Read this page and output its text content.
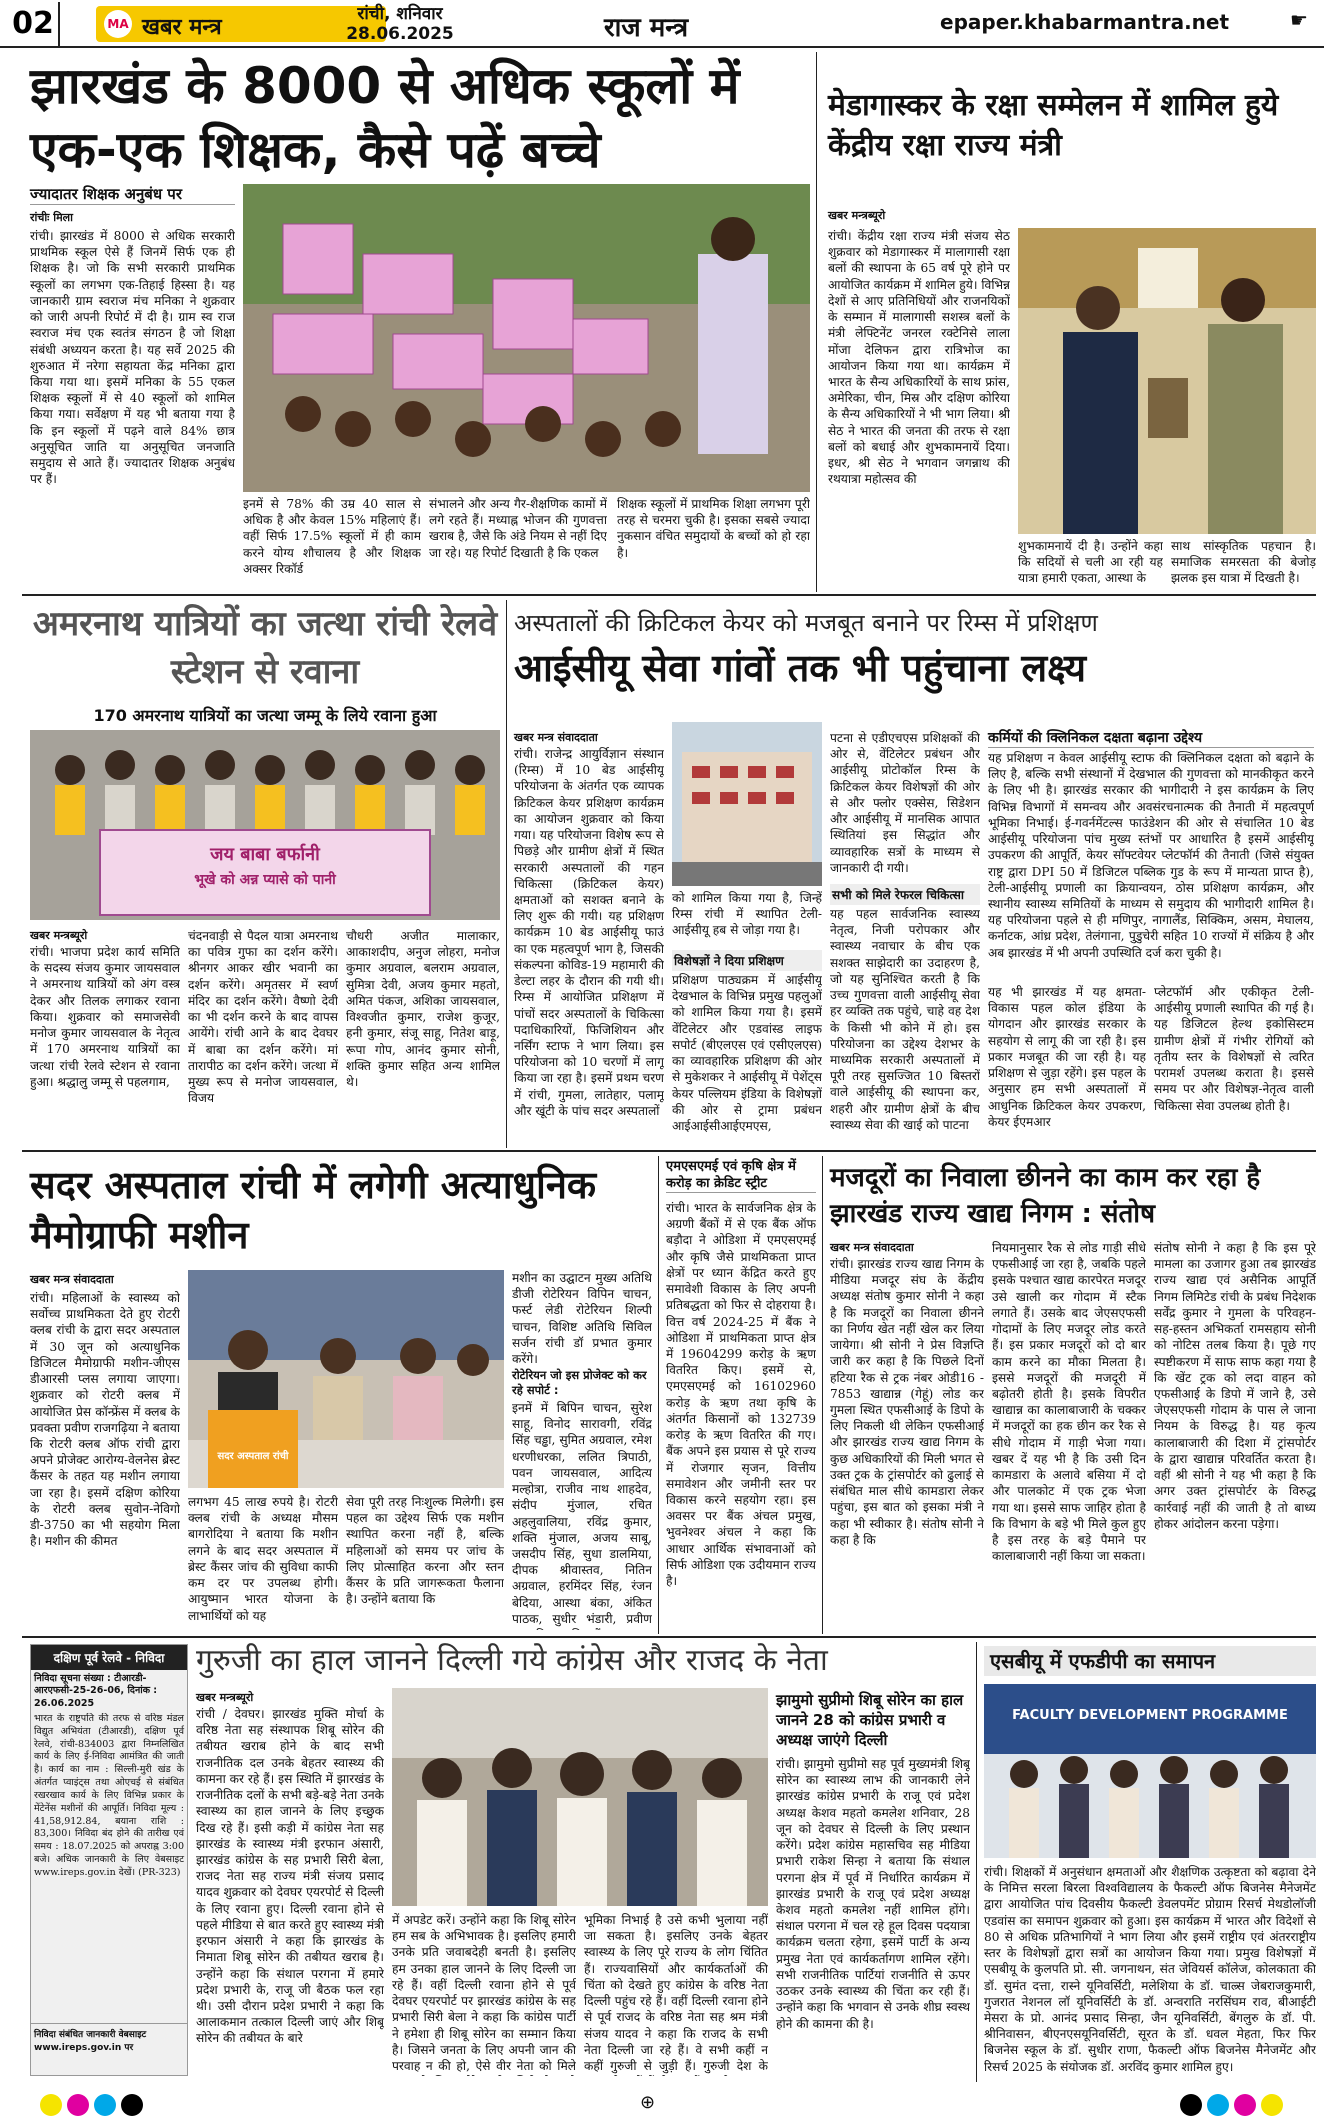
02	MA खबर मन्त्र
रांची, शनिवार
28.06.2025	राज मन्त्र	epaper.khabarmantra.net	☛
झारखंड के 8000 से अधिक स्कूलों में एक-एक शिक्षक, कैसे पढ़ें बच्चे
ज्यादातर शिक्षक अनुबंध पर
रांचीः मिला
रांची। झारखंड में 8000 से अधिक सरकारी प्राथमिक स्कूल ऐसे हैं जिनमें सिर्फ एक ही शिक्षक है। जो कि सभी सरकारी प्राथमिक स्कूलों का लगभग एक-तिहाई हिस्सा है। यह जानकारी ग्राम स्वराज मंच मनिका ने शुक्रवार को जारी अपनी रिपोर्ट में दी है। ग्राम स्व राज स्वराज मंच एक स्वतंत्र संगठन है जो शिक्षा संबंधी अध्ययन करता है। यह सर्वे 2025 की शुरुआत में नरेगा सहायता केंद्र मनिका द्वारा किया गया था। इसमें मनिका के 55 एकल शिक्षक स्कूलों में से 40 स्कूलों को शामिल किया गया। सर्वेक्षण में यह भी बताया गया है कि इन स्कूलों में पढ़ने वाले 84% छात्र अनुसूचित जाति या अनुसूचित जनजाति समुदाय से आते हैं। ज्यादातर शिक्षक अनुबंध पर हैं।
इनमें से 78% की उम्र 40 साल से अधिक है और केवल 15% महिलाएं हैं। वहीं सिर्फ 17.5% स्कूलों में ही काम करने योग्य शौचालय है और शिक्षक अक्सर रिकॉर्ड
संभालने और अन्य गैर-शैक्षणिक कामों में लगे रहते हैं। मध्याह्न भोजन की गुणवत्ता खराब है, जैसे कि अंडे नियम से नहीं दिए जा रहे। यह रिपोर्ट दिखाती है कि एकल
शिक्षक स्कूलों में प्राथमिक शिक्षा लगभग पूरी तरह से चरमरा चुकी है। इसका सबसे ज्यादा नुकसान वंचित समुदायों के बच्चों को हो रहा है।
मेडागास्कर के रक्षा सम्मेलन में शामिल हुये केंद्रीय रक्षा राज्य मंत्री
खबर मन्त्रब्यूरो
रांची। केंद्रीय रक्षा राज्य मंत्री संजय सेठ शुक्रवार को मेडागास्कर में मालागासी रक्षा बलों की स्थापना के 65 वर्ष पूरे होने पर आयोजित कार्यक्रम में शामिल हुये। विभिन्न देशों से आए प्रतिनिधियों और राजनयिकों के सम्मान में मालागासी सशस्त्र बलों के मंत्री लेफ्टिनेंट जनरल रक्टेनिसे लाला मोंजा देलिफन द्वारा रात्रिभोज का आयोजन किया गया था। कार्यक्रम में भारत के सैन्य अधिकारियों के साथ फ्रांस, अमेरिका, चीन, मिस्र और दक्षिण कोरिया के सैन्य अधिकारियों ने भी भाग लिया। श्री सेठ ने भारत की जनता की तरफ से रक्षा बलों को बधाई और शुभकामनायें दिया। इधर, श्री सेठ ने भगवान जगन्नाथ की रथयात्रा महोत्सव की
शुभकामनायें दी है। उन्होंने कहा कि सदियों से चली आ रही यह यात्रा हमारी एकता, आस्था के
साथ सांस्कृतिक पहचान है। समाजिक समरसता की बेजोड़ झलक इस यात्रा में दिखती है।
अमरनाथ यात्रियों का जत्था रांची रेलवे स्टेशन से रवाना
170 अमरनाथ यात्रियों का जत्था जम्मू के लिये रवाना हुआ
जय बाबा बर्फानी
भूखे को अन्न प्यासे को पानी
खबर मन्त्रब्यूरो
रांची। भाजपा प्रदेश कार्य समिति के सदस्य संजय कुमार जायसवाल ने अमरनाथ यात्रियों को अंग वस्त्र देकर और तिलक लगाकर रवाना किया। शुक्रवार को समाजसेवी मनोज कुमार जायसवाल के नेतृत्व में 170 अमरनाथ यात्रियों का जत्था रांची रेलवे स्टेशन से रवाना हुआ। श्रद्धालु जम्मू से पहलगाम,
चंदनवाड़ी से पैदल यात्रा अमरनाथ का पवित्र गुफा का दर्शन करेंगे। श्रीनगर आकर खीर भवानी का दर्शन करेंगे। अमृतसर में स्वर्ण मंदिर का दर्शन करेंगे। वैष्णो देवी का भी दर्शन करने के बाद वापस आयेंगे। रांची आने के बाद देवघर में बाबा का दर्शन करेंगे। मां तारापीठ का दर्शन करेंगे। जत्था में मुख्य रूप से मनोज जायसवाल, विजय
चौधरी अजीत मालाकार, आकाशदीप, अनुज लोहरा, मनोज कुमार अग्रवाल, बलराम अग्रवाल, सुमित्रा देवी, अजय कुमार महतो, अमित पंकज, अशिका जायसवाल, विश्वजीत कुमार, राजेश कुजूर, हनी कुमार, संजू साहू, नितेश बाड़ू, रूपा गोप, आनंद कुमार सोनी, शक्ति कुमार सहित अन्य शामिल थे।
अस्पतालों की क्रिटिकल केयर को मजबूत बनाने पर रिम्स में प्रशिक्षण
आईसीयू सेवा गांवों तक भी पहुंचाना लक्ष्य
खबर मन्त्र संवाददाता
रांची। राजेन्द्र आयुर्विज्ञान संस्थान (रिम्स) में 10 बेड आईसीयू परियोजना के अंतर्गत एक व्यापक क्रिटिकल केयर प्रशिक्षण कार्यक्रम का आयोजन शुक्रवार को किया गया। यह परियोजना विशेष रूप से पिछड़े और ग्रामीण क्षेत्रों में स्थित सरकारी अस्पतालों की गहन चिकित्सा (क्रिटिकल केयर) क्षमताओं को सशक्त बनाने के लिए शुरू की गयी। यह प्रशिक्षण कार्यक्रम 10 बेड आईसीयू फाउं का एक महत्वपूर्ण भाग है, जिसकी संकल्पना कोविड-19 महामारी की डेल्टा लहर के दौरान की गयी थी। रिम्स में आयोजित प्रशिक्षण में पांचों सदर अस्पतालों के चिकित्सा पदाधिकारियों, फिजिशियन और नर्सिंग स्टाफ ने भाग लिया। इस परियोजना को 10 चरणों में लागू किया जा रहा है। इसमें प्रथम चरण में रांची, गुमला, लातेहार, पलामू और खूंटी के पांच सदर अस्पतालों
को शामिल किया गया है, जिन्हें रिम्स रांची में स्थापित टेली-आईसीयू हब से जोड़ा गया है।
विशेषज्ञों ने दिया प्रशिक्षण
प्रशिक्षण पाठ्यक्रम में आईसीयू देखभाल के विभिन्न प्रमुख पहलुओं को शामिल किया गया है। इसमें वेंटिलेटर और एडवांस्ड लाइफ सपोर्ट (बीएलएस एवं एसीएलएस) का व्यावहारिक प्रशिक्षण की ओर से मुकेशकर ने आईसीयू में पेशेंट्स केयर पल्लियम इंडिया के विशेषज्ञों की ओर से ट्रामा प्रबंधन आईआईसीआईएमएस,
पटना से एडीएचएस प्रशिक्षकों की ओर से, वेंटिलेटर प्रबंधन और आईसीयू प्रोटोकॉल रिम्स के क्रिटिकल केयर विशेषज्ञों की ओर से और फ्लोर एक्सेस, सिडेशन और आईसीयू में मानसिक आपात स्थितियां इस सिद्धांत और व्यावहारिक सत्रों के माध्यम से जानकारी दी गयी।
सभी को मिले रेफरल चिकित्सा
यह पहल सार्वजनिक स्वास्थ्य नेतृत्व, निजी परोपकार और स्वास्थ्य नवाचार के बीच एक सशक्त साझेदारी का उदाहरण है, जो यह सुनिश्चित करती है कि उच्च गुणवत्ता वाली आईसीयू सेवा हर व्यक्ति तक पहुंचे, चाहे वह देश के किसी भी कोने में हो। इस परियोजना का उद्देश्य देशभर के माध्यमिक सरकारी अस्पतालों में पूरी तरह सुसज्जित 10 बिस्तरों वाले आईसीयू की स्थापना कर, शहरी और ग्रामीण क्षेत्रों के बीच स्वास्थ्य सेवा की खाई को पाटना
कर्मियों की क्लिनिकल दक्षता बढ़ाना उद्देश्य
यह प्रशिक्षण न केवल आईसीयू स्टाफ की क्लिनिकल दक्षता को बढ़ाने के लिए है, बल्कि सभी संस्थानों में देखभाल की गुणवत्ता को मानकीकृत करने के लिए भी है। झारखंड सरकार की भागीदारी ने इस कार्यक्रम के लिए विभिन्न विभागों में समन्वय और अवसंरचनात्मक की तैनाती में महत्वपूर्ण भूमिका निभाई। ई-गवर्नमेंटल्स फाउंडेशन की ओर से संचालित 10 बेड आईसीयू परियोजना पांच मुख्य स्तंभों पर आधारित है इसमें आईसीयू उपकरण की आपूर्ति, केयर सॉफ्टवेयर प्लेटफॉर्म की तैनाती (जिसे संयुक्त राष्ट्र द्वारा DPI 50 में डिजिटल पब्लिक गुड के रूप में मान्यता प्राप्त है), टेली-आईसीयू प्रणाली का क्रियान्वयन, ठोस प्रशिक्षण कार्यक्रम, और स्थानीय स्वास्थ्य समितियों के माध्यम से समुदाय की भागीदारी शामिल है। यह परियोजना पहले से ही मणिपुर, नागालैंड, सिक्किम, असम, मेघालय, कर्नाटक, आंध्र प्रदेश, तेलंगाना, पुडुचेरी सहित 10 राज्यों में संक्रिय है और अब झारखंड में भी अपनी उपस्थिति दर्ज करा चुकी है।
यह भी झारखंड में यह क्षमता-विकास पहल कोल इंडिया के योगदान और झारखंड सरकार के सहयोग से लागू की जा रही है। इस प्रकार मजबूत की जा रही है। यह प्रशिक्षण से जुड़ा रहेंगे। इस पहल के अनुसार हम सभी अस्पतालों में आधुनिक क्रिटिकल केयर उपकरण, केयर ईएमआर
प्लेटफॉर्म और एकीकृत टेली-आईसीयू प्रणाली स्थापित की गई है। यह डिजिटल हेल्थ इकोसिस्टम ग्रामीण क्षेत्रों में गंभीर रोगियों को तृतीय स्तर के विशेषज्ञों से त्वरित परामर्श उपलब्ध कराता है। इससे समय पर और विशेषज्ञ-नेतृत्व वाली चिकित्सा सेवा उपलब्ध होती है।
सदर अस्पताल रांची में लगेगी अत्याधुनिक मैमोग्राफी मशीन
खबर मन्त्र संवाददाता
रांची। महिलाओं के स्वास्थ्य को सर्वोच्च प्राथमिकता देते हुए रोटरी क्लब रांची के द्वारा सदर अस्पताल में 30 जून को अत्याधुनिक डिजिटल मैमोग्राफी मशीन-जीएस डीआरसी प्लस लगाया जाएगा। शुक्रवार को रोटरी क्लब में आयोजित प्रेस कॉन्फ्रेंस में क्लब के प्रवक्ता प्रवीण राजगढ़िया ने बताया कि रोटरी क्लब ऑफ रांची द्वारा अपने प्रोजेक्ट आरोग्य-वेलनेस ब्रेस्ट कैंसर के तहत यह मशीन लगाया जा रहा है। इसमें दक्षिण कोरिया के रोटरी क्लब सुवोन-नेविगो डी-3750 का भी सहयोग मिला है। मशीन की कीमत
सदर अस्पताल रांची
लगभग 45 लाख रुपये है। रोटरी क्लब रांची के अध्यक्ष मौसम बागरोदिया ने बताया कि मशीन लगने के बाद सदर अस्पताल में ब्रेस्ट कैंसर जांच की सुविधा काफी कम दर पर उपलब्ध होगी। आयुष्मान भारत योजना के लाभार्थियों को यह
सेवा पूरी तरह निःशुल्क मिलेगी। इस पहल का उद्देश्य सिर्फ एक मशीन स्थापित करना नहीं है, बल्कि महिलाओं को समय पर जांच के लिए प्रोत्साहित करना और स्तन कैंसर के प्रति जागरूकता फैलाना है। उन्होंने बताया कि
मशीन का उद्घाटन मुख्य अतिथि डीजी रोटेरियन विपिन चाचन, फर्स्ट लेडी रोटेरियन शिल्पी चाचन, विशिष्ट अतिथि सिविल सर्जन रांची डॉ प्रभात कुमार करेंगे।
रोटेरियन जो इस प्रोजेक्ट को कर रहे सपोर्ट :
इनमें में बिपिन चाचन, सुरेश साहू, विनोद सारावगी, रविंद्र सिंह चड्ढा, सुमित अग्रवाल, रमेश धरणीधरका, ललित त्रिपाठी, पवन जायसवाल, आदित्य मल्होत्रा, राजीव नाथ शाहदेव, संदीप मुंजाल, रचित अहलुवालिया, रविंद्र कुमार, शक्ति मुंजाल, अजय साबू, जसदीप सिंह, सुधा डालमिया, दीपक श्रीवास्तव, नितिन अग्रवाल, हरमिंदर सिंह, रंजन बेदिया, आस्था बंका, अंकित पाठक, सुधीर भंडारी, प्रवीण
एमएसएमई एवं कृषि क्षेत्र में करोड़ का क्रेडिट स्ट्रीट
रांची। भारत के सार्वजनिक क्षेत्र के अग्रणी बैंकों में से एक बैंक ऑफ बड़ौदा ने ओडिशा में एमएसएमई और कृषि जैसे प्राथमिकता प्राप्त क्षेत्रों पर ध्यान केंद्रित करते हुए समावेशी विकास के लिए अपनी प्रतिबद्धता को फिर से दोहराया है। वित्त वर्ष 2024-25 में बैंक ने ओडिशा में प्राथमिकता प्राप्त क्षेत्र में 19604299 करोड़ के ऋण वितरित किए। इसमें से, एमएसएमई को 16102960 करोड़ के ऋण तथा कृषि के अंतर्गत किसानों को 132739 करोड़ के ऋण वितरित की गए। बैंक अपने इस प्रयास से पूरे राज्य में रोजगार सृजन, वित्तीय समावेशन और जमीनी स्तर पर विकास करने सहयोग रहा। इस अवसर पर बैंक अंचल प्रमुख, भुवनेश्वर अंचल ने कहा कि आधार आर्थिक संभावनाओं को सिर्फ ओडिशा एक उदीयमान राज्य है।
मजदूरों का निवाला छीनने का काम कर रहा है झारखंड राज्य खाद्य निगम : संतोष
खबर मन्त्र संवाददाता
रांची। झारखंड राज्य खाद्य निगम के मीडिया मजदूर संघ के केंद्रीय अध्यक्ष संतोष कुमार सोनी ने कहा है कि मजदूरों का निवाला छीनने का निर्णय खेत नहीं खेल कर लिया जायेगा। श्री सोनी ने प्रेस विज्ञप्ति जारी कर कहा है कि पिछले दिनों हटिया रैक से ट्रक नंबर ओडी16 - 7853 खाद्यान्न (गेहूं) लोड कर गुमला स्थित एफसीआई के डिपो के लिए निकली थी लेकिन एफसीआई और झारखंड राज्य खाद्य निगम के कुछ अधिकारियों की मिली भगत से उक्त ट्रक के ट्रांसपोर्टर को ढुलाई से संबंधित माल सीधे कामडारा लेकर पहुंचा, इस बात को इसका मंत्री ने कहा भी स्वीकार है। संतोष सोनी ने कहा है कि
नियमानुसार रैक से लोड गाड़ी सीधे एफसीआई जा रहा है, जबकि पहले इसके पश्चात खाद्य कारपेरत मजदूर उसे खाली कर गोदाम में स्टैक लगाते हैं। उसके बाद जेएसएफसी गोदामों के लिए मजदूर लोड करते हैं। इस प्रकार मजदूरों को दो बार काम करने का मौका मिलता है। इससे मजदूरों की मजदूरी में बढ़ोतरी होती है। इसके विपरीत खाद्यान्न का कालाबाजारी के चक्कर में मजदूरों का हक छीन कर रैक से सीधे गोदाम में गाड़ी भेजा गया। खबर दें यह भी है कि उसी दिन कामडारा के अलावे बसिया में दो और पालकोट में एक ट्रक भेजा गया था। इससे साफ जाहिर होता है कि विभाग के बड़े भी मिले कुल हुए है इस तरह के बड़े पैमाने पर कालाबाजारी नहीं किया जा सकता।
संतोष सोनी ने कहा है कि इस पूरे मामला का उजागर हुआ तब झारखंड राज्य खाद्य एवं असैनिक आपूर्ति निगम लिमिटेड रांची के प्रबंध निदेशक सर्वेंद्र कुमार ने गुमला के परिवहन-सह-हस्तन अभिकर्ता रामसहाय सोनी को नोटिस तलब किया है। पूछे गए स्पष्टीकरण में साफ साफ कहा गया है कि खेंट ट्रक को लदा वाहन को एफसीआई के डिपो में जाने है, उसे जेएसएफसी गोदाम के पास ले जाना नियम के विरुद्ध है। यह कृत्य कालाबाजारी की दिशा में ट्रांसपोर्टर के द्वारा खाद्यान्न परिवर्तित करता है। वहीं श्री सोनी ने यह भी कहा है कि अगर उक्त ट्रांसपोर्टर के विरुद्ध कार्रवाई नहीं की जाती है तो बाध्य होकर आंदोलन करना पड़ेगा।
दक्षिण पूर्व रेलवे - निविदा
निविदा सूचना संख्या : टीआरडी-आरएफसी-25-26-06, दिनांक : 26.06.2025
भारत के राष्ट्रपति की तरफ से वरिष्ठ मंडल विद्युत अभियंता (टीआरडी), दक्षिण पूर्व रेलवे, रांची-834003 द्वारा निम्नलिखित कार्य के लिए ई-निविदा आमंत्रित की जाती है। कार्य का नाम : सिल्ली-मुरी खंड के अंतर्गत प्वाइंट्स तथा ओएचई से संबंधित रखरखाव कार्य के लिए विभिन्न प्रकार के मेंटेनेंस मशीनों की आपूर्ति। निविदा मूल्य : 41,58,912.84, बयाना राशि : 83,300। निविदा बंद होने की तारीख एवं समय : 18.07.2025 को अपराह्न 3:00 बजे। अधिक जानकारी के लिए वेबसाइट www.ireps.gov.in देखें। (PR-323)
निविदा संबंधित जानकारी वेबसाइट www.ireps.gov.in पर
गुरुजी का हाल जानने दिल्ली गये कांग्रेस और राजद के नेता
खबर मन्त्रब्यूरो
रांची / देवघर। झारखंड मुक्ति मोर्चा के वरिष्ठ नेता सह संस्थापक शिबू सोरेन की तबीयत खराब होने के बाद सभी राजनीतिक दल उनके बेहतर स्वास्थ्य की कामना कर रहे हैं। इस स्थिति में झारखंड के राजनीतिक दलों के सभी बड़े-बड़े नेता उनके स्वास्थ्य का हाल जानने के लिए इच्छुक दिख रहे हैं। इसी कड़ी में कांग्रेस नेता सह झारखंड के स्वास्थ्य मंत्री इरफान अंसारी, झारखंड कांग्रेस के सह प्रभारी सिरी बेला, राजद नेता सह राज्य मंत्री संजय प्रसाद यादव शुक्रवार को देवघर एयरपोर्ट से दिल्ली के लिए रवाना हुए। दिल्ली रवाना होने से पहले मीडिया से बात करते हुए स्वास्थ्य मंत्री इरफान अंसारी ने कहा कि झारखंड के निमाता शिबू सोरेन की तबीयत खराब है। उन्होंने कहा कि संथाल परगना में हमारे प्रदेश प्रभारी के, राजू जी बैठक फल रहा थी। उसी दौरान प्रदेश प्रभारी ने कहा कि आलाकमान तत्काल दिल्ली जाएं और शिबू सोरेन की तबीयत के बारे
में अपडेट करें। उन्होंने कहा कि शिबू सोरेन हम सब के अभिभावक है। इसलिए हमारी उनके प्रति जवाबदेही बनती है। इसलिए हम उनका हाल जानने के लिए दिल्ली जा रहे हैं। वहीं दिल्ली रवाना होने से पूर्व देवघर एयरपोर्ट पर झारखंड कांग्रेस के सह प्रभारी सिरी बेला ने कहा कि कांग्रेस पार्टी ने हमेशा ही शिबू सोरेन का सम्मान किया है। जिसने जनता के लिए अपनी जान की परवाह न की हो, ऐसे वीर नेता को मिले
भूमिका निभाई है उसे कभी भुलाया नहीं जा सकता है। इसलिए उनके बेहतर स्वास्थ्य के लिए पूरे राज्य के लोग चिंतित हैं। राज्यवासियों और कार्यकर्ताओं की चिंता को देखते हुए कांग्रेस के वरिष्ठ नेता दिल्ली पहुंच रहे हैं। वहीं दिल्ली रवाना होने से पूर्व राजद के वरिष्ठ नेता सह श्रम मंत्री संजय यादव ने कहा कि राजद के सभी नेता दिल्ली जा रहे हैं। वे सभी कहीं न कहीं गुरुजी से जुड़ी हैं। गुरुजी देश के
झामुमो सुप्रीमो शिबू सोरेन का हाल जानने 28 को कांग्रेस प्रभारी व अध्यक्ष जाएंगे दिल्ली
रांची। झामुमो सुप्रीमो सह पूर्व मुख्यमंत्री शिबू सोरेन का स्वास्थ्य लाभ की जानकारी लेने झारखंड कांग्रेस प्रभारी के राजू एवं प्रदेश अध्यक्ष केशव महतो कमलेश शनिवार, 28 जून को देवघर से दिल्ली के लिए प्रस्थान करेंगे। प्रदेश कांग्रेस महासचिव सह मीडिया प्रभारी राकेश सिन्हा ने बताया कि संथाल परगना क्षेत्र में पूर्व में निर्धारित कार्यक्रम में झारखंड प्रभारी के राजू एवं प्रदेश अध्यक्ष केशव महतो कमलेश नहीं शामिल होंगे। संथाल परगना में चल रहे हूल दिवस पदयात्रा कार्यक्रम चलता रहेगा, इसमें पार्टी के अन्य प्रमुख नेता एवं कार्यकर्तागण शामिल रहेंगे। सभी राजनीतिक पार्टियां राजनीति से ऊपर उठकर उनके स्वास्थ्य की चिंता कर रही हैं। उन्होंने कहा कि भगवान से उनके शीघ्र स्वस्थ होने की कामना की है।
एसबीयू में एफडीपी का समापन
FACULTY DEVELOPMENT PROGRAMME
रांची। शिक्षकों में अनुसंधान क्षमताओं और शैक्षणिक उत्कृष्टता को बढ़ावा देने के निमित्त सरला बिरला विश्वविद्यालय के फैकल्टी ऑफ बिजनेस मैनेजमेंट द्वारा आयोजित पांच दिवसीय फैकल्टी डेवलपमेंट प्रोग्राम रिसर्च मेथडोलॉजी एडवांस का समापन शुक्रवार को हुआ। इस कार्यक्रम में भारत और विदेशों से 80 से अधिक प्रतिभागियों ने भाग लिया और इसमें राष्ट्रीय एवं अंतरराष्ट्रीय स्तर के विशेषज्ञों द्वारा सत्रों का आयोजन किया गया। प्रमुख विशेषज्ञों में एसबीयू के कुलपति प्रो. सी. जगनाथन, संत जेवियर्स कॉलेज, कोलकाता की डॉ. सुमंत दत्ता, रास्ने यूनिवर्सिटी, मलेशिया के डॉ. चाल्र्स जेबराजकुमारी, गुजरात नेशनल लॉ यूनिवर्सिटी के डॉ. अन्वराति नरसिंघम राव, बीआईटी मेसरा के प्रो. आनंद प्रसाद सिन्हा, जैन यूनिवर्सिटी, बेंगलुरु के डॉ. पी. श्रीनिवासन, बीएनएसयूनिवर्सिटी, सूरत के डॉ. धवल मेहता, फिर फिर बिजनेस स्कूल के डॉ. सुधीर राणा, फैकल्टी ऑफ बिजनेस मैनेजमेंट और रिसर्च 2025 के संयोजक डॉ. अरविंद कुमार शामिल हुए।

⊕
